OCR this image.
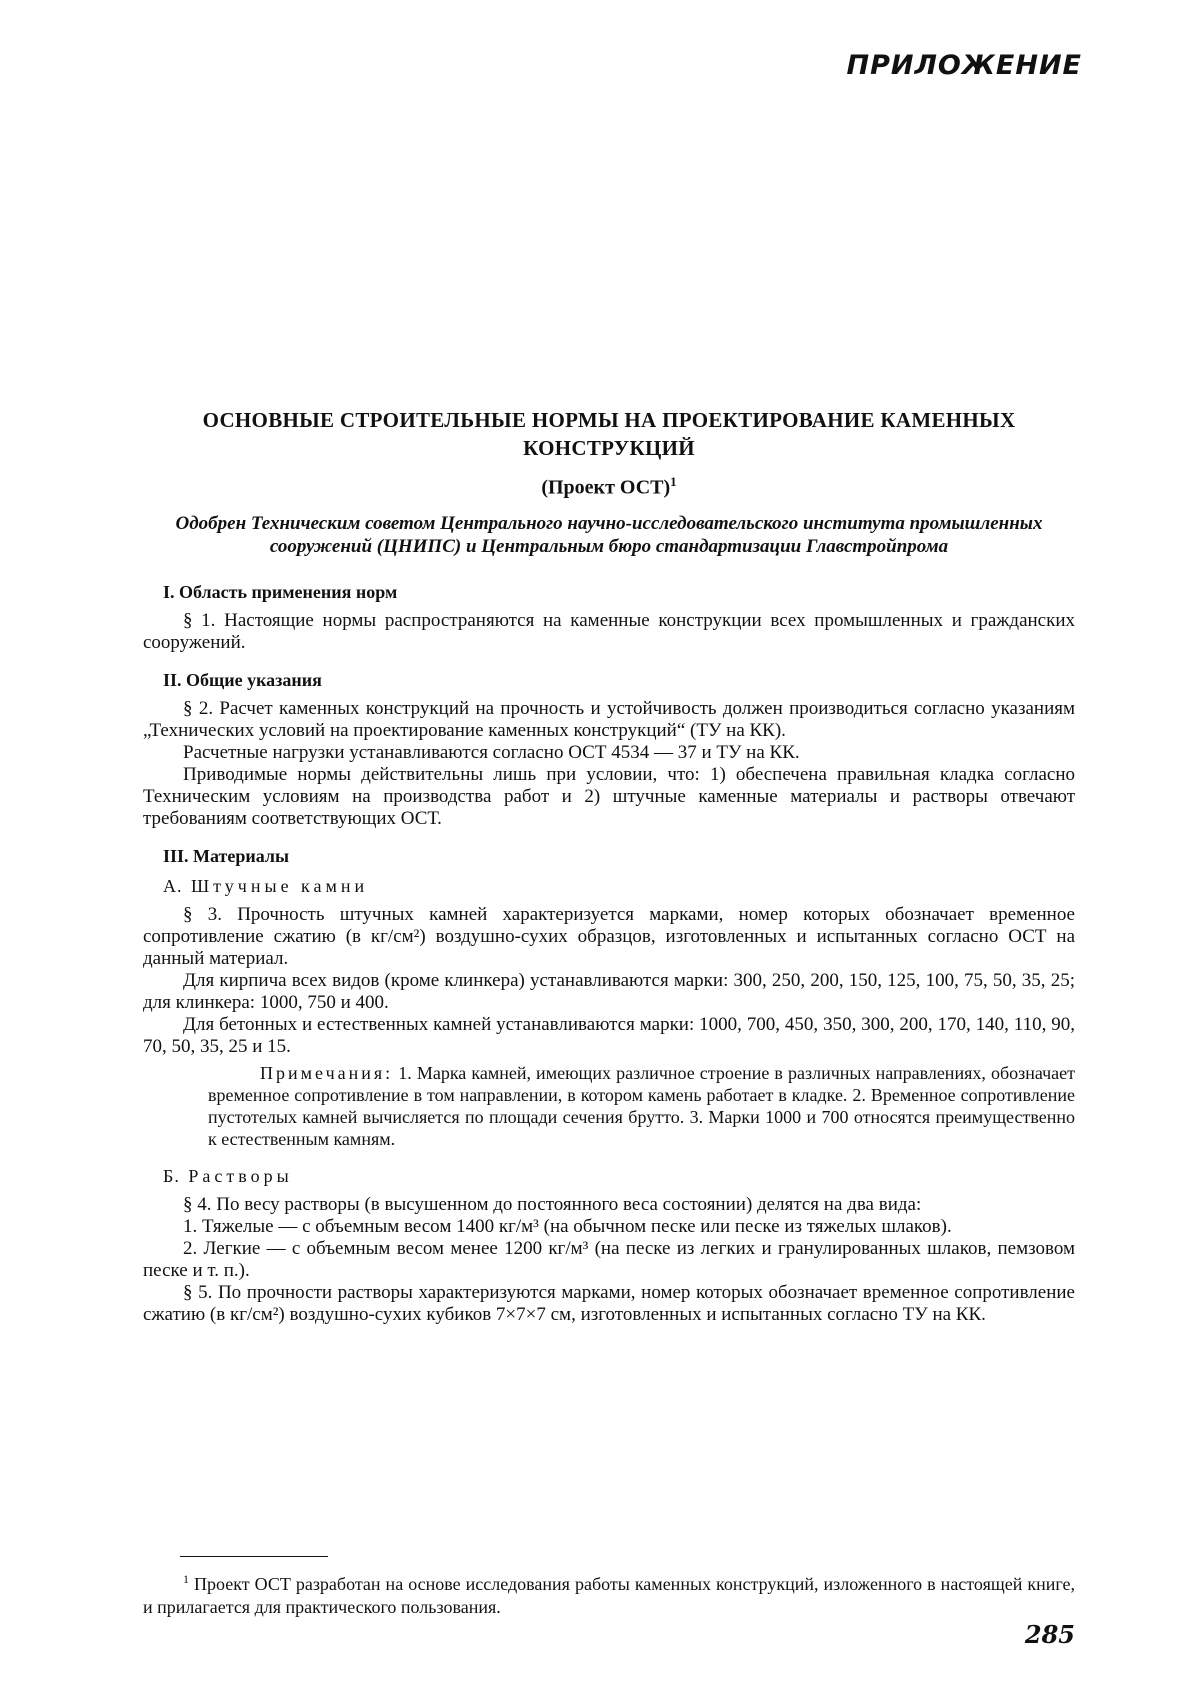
ПРИЛОЖЕНИЕ
ОСНОВНЫЕ СТРОИТЕЛЬНЫЕ НОРМЫ НА ПРОЕКТИРОВАНИЕ КАМЕННЫХ КОНСТРУКЦИЙ
(Проект ОСТ)$^1$

Одобрен Техническим советом Центрального научно-исследовательского института промышленных сооружений (ЦНИПС) и Центральным бюро стандартизации Главстройпрома

I. Область применения норм

§ 1. Настоящие нормы распространяются на каменные конструкции всех промышленных и гражданских сооружений.

II. Общие указания

§ 2. Расчет каменных конструкций на прочность и устойчивость должен производиться согласно указаниям „Технических условий на проектирование каменных конструкций“ (ТУ на КК).

Расчетные нагрузки устанавливаются согласно ОСТ 4534 — 37 и ТУ на КК.

Приводимые нормы действительны лишь при условии, что: 1) обеспечена правильная кладка согласно Техническим условиям на производства работ и 2) штучные каменные материалы и растворы отвечают требованиям соответствующих ОСТ.

III. Материалы
А. Штучные камни

§ 3. Прочность штучных камней характеризуется марками, номер которых обозначает временное сопротивление сжатию (в кг/см²) воздушно-сухих образцов, изготовленных и испытанных согласно ОСТ на данный материал.

Для кирпича всех видов (кроме клинкера) устанавливаются марки: 300, 250, 200, 150, 125, 100, 75, 50, 35, 25; для клинкера: 1000, 750 и 400.

Для бетонных и естественных камней устанавливаются марки: 1000, 700, 450, 350, 300, 200, 170, 140, 110, 90, 70, 50, 35, 25 и 15.

Примечания: 1. Марка камней, имеющих различное строение в различных направлениях, обозначает временное сопротивление в том направлении, в котором камень работает в кладке. 2. Временное сопротивление пустотелых камней вычисляется по площади сечения брутто. 3. Марки 1000 и 700 относятся преимущественно к естественным камням.

Б. Растворы

§ 4. По весу растворы (в высушенном до постоянного веса состоянии) делятся на два вида:

1. Тяжелые — с объемным весом 1400 кг/м³ (на обычном песке или песке из тяжелых шлаков).

2. Легкие — с объемным весом менее 1200 кг/м³ (на песке из легких и гранулированных шлаков, пемзовом песке и т. п.).

§ 5. По прочности растворы характеризуются марками, номер которых обозначает временное сопротивление сжатию (в кг/см²) воздушно-сухих кубиков 7×7×7 см, изготовленных и испытанных согласно ТУ на КК.

$^1$ Проект ОСТ разработан на основе исследования работы каменных конструкций, изложенного в настоящей книге, и прилагается для практического пользования.

285
